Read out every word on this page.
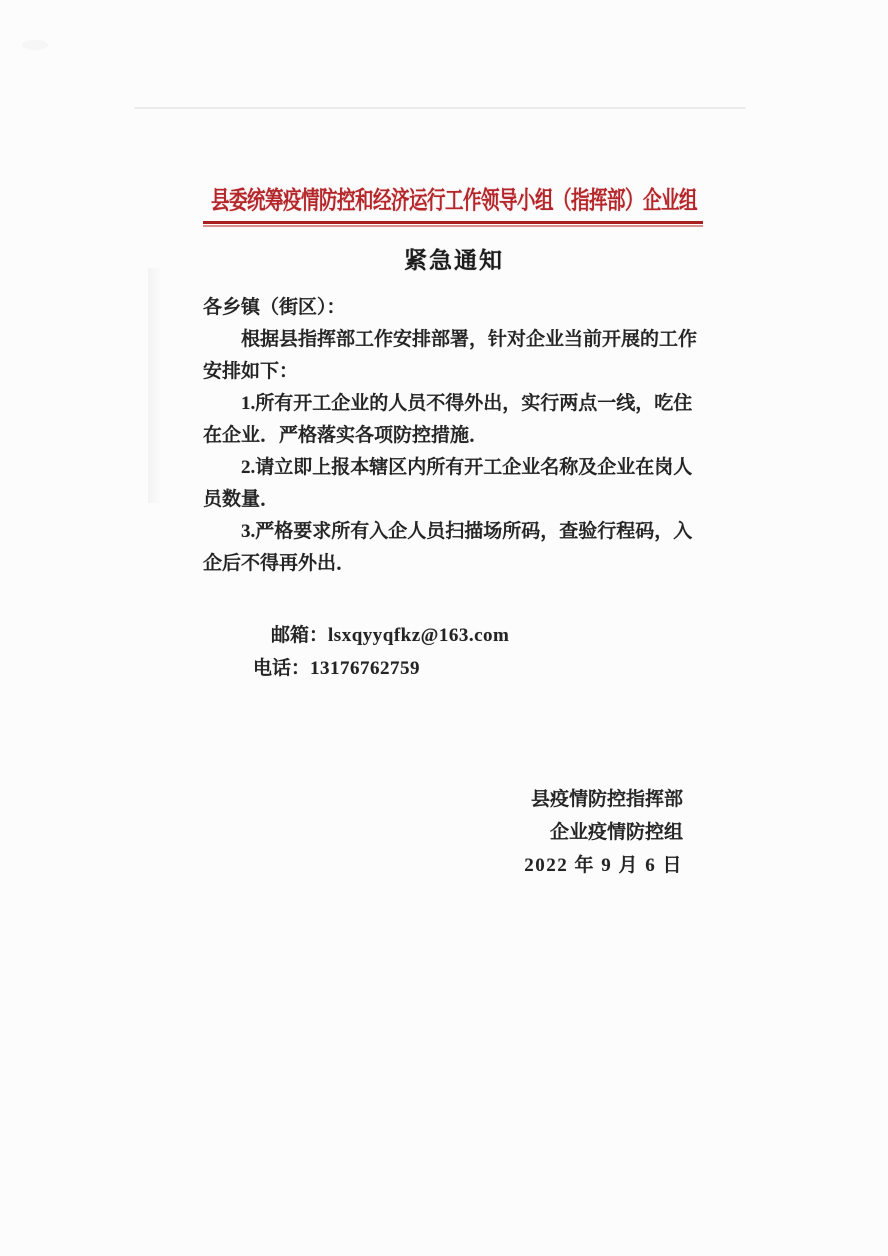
县委统筹疫情防控和经济运行工作领导小组（指挥部）企业组
紧急通知

各乡镇（街区）：

根据县指挥部工作安排部署，针对企业当前开展的工作安排如下：

1.所有开工企业的人员不得外出，实行两点一线，吃住在企业．严格落实各项防控措施．

2.请立即上报本辖区内所有开工企业名称及企业在岗人员数量．

3.严格要求所有入企人员扫描场所码，查验行程码，入企后不得再外出．

邮箱：lsxqyyqfkz@163.com

电话：13176762759

县疫情防控指挥部

企业疫情防控组

2022 年 9 月 6 日
